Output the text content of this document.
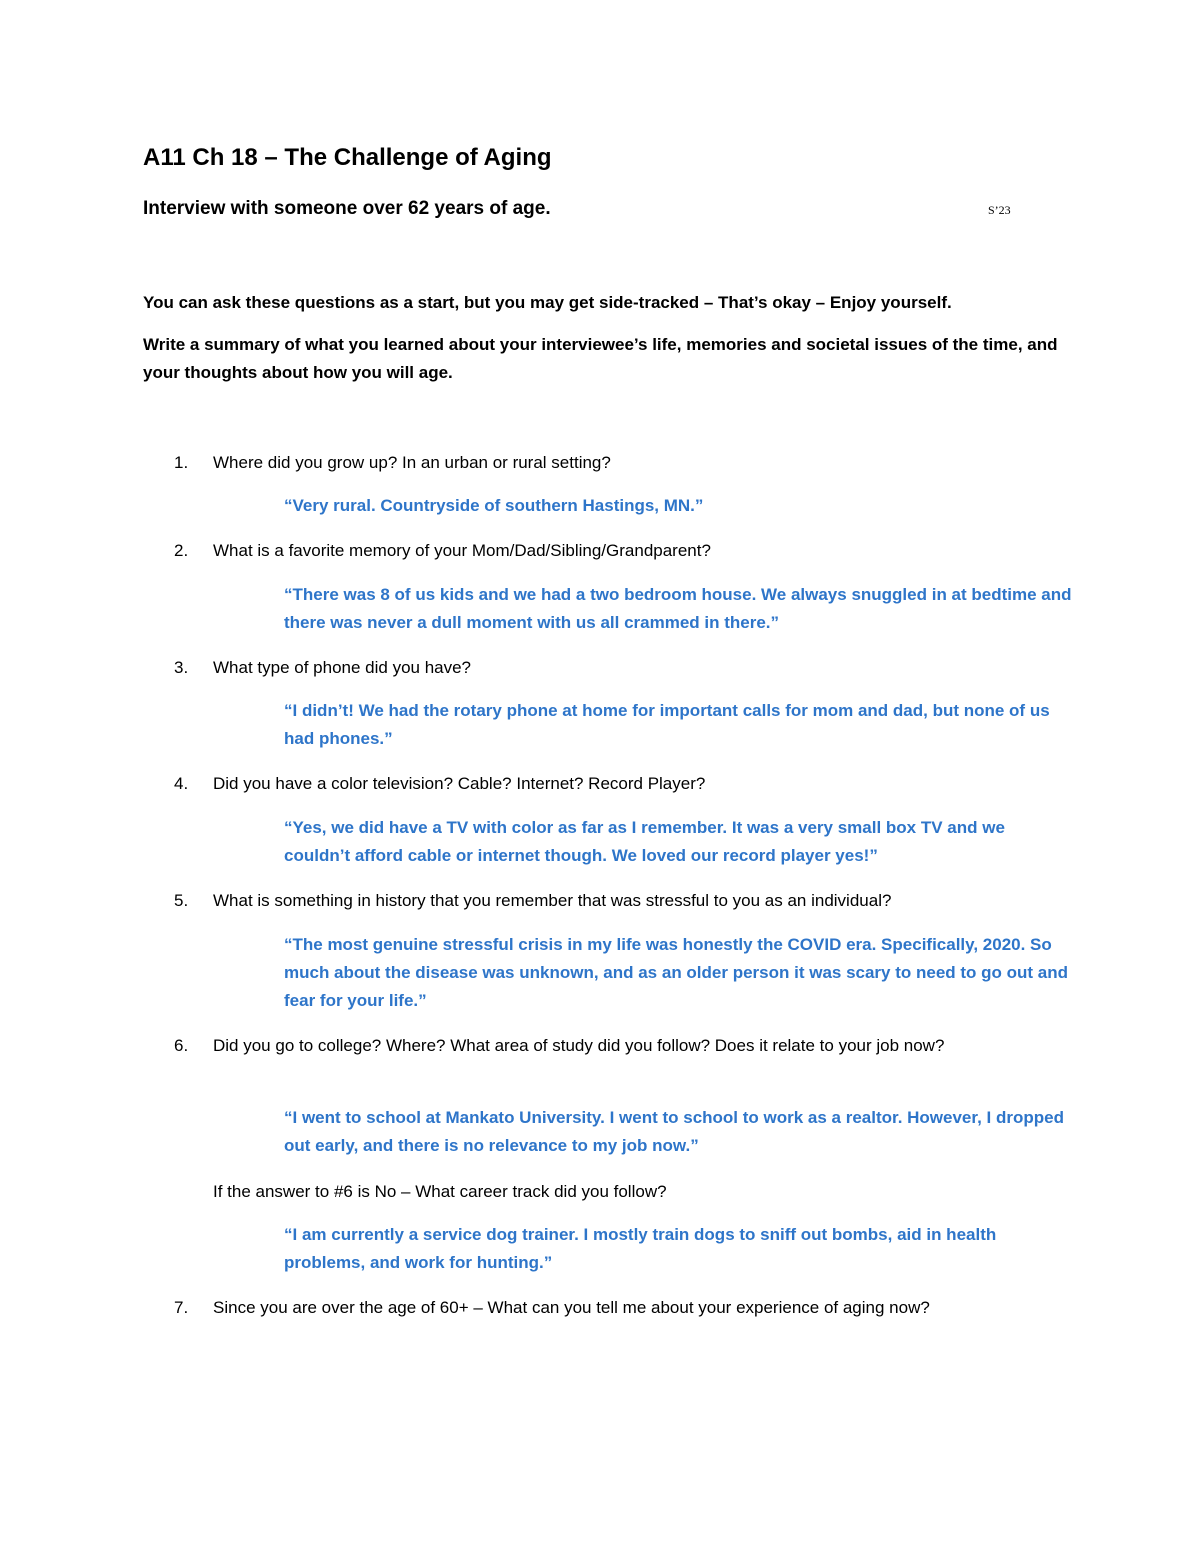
A11 Ch 18 – The Challenge of Aging
Interview with someone over 62 years of age.	S’23

You can ask these questions as a start, but you may get side-tracked – That’s okay – Enjoy yourself.

Write a summary of what you learned about your interviewee’s life, memories and societal issues of the time, and your thoughts about how you will age.

1. Where did you grow up? In an urban or rural setting?

“Very rural. Countryside of southern Hastings, MN.”

2. What is a favorite memory of your Mom/Dad/Sibling/Grandparent?

“There was 8 of us kids and we had a two bedroom house. We always snuggled in at bedtime and there was never a dull moment with us all crammed in there.”

3. What type of phone did you have?

“I didn’t! We had the rotary phone at home for important calls for mom and dad, but none of us had phones.”

4. Did you have a color television? Cable? Internet? Record Player?

“Yes, we did have a TV with color as far as I remember. It was a very small box TV and we couldn’t afford cable or internet though. We loved our record player yes!”

5. What is something in history that you remember that was stressful to you as an individual?

“The most genuine stressful crisis in my life was honestly the COVID era. Specifically, 2020. So much about the disease was unknown, and as an older person it was scary to need to go out and fear for your life.”

6. Did you go to college? Where? What area of study did you follow? Does it relate to your job now?

“I went to school at Mankato University. I went to school to work as a realtor. However, I dropped out early, and there is no relevance to my job now.”

If the answer to #6 is No – What career track did you follow?

“I am currently a service dog trainer. I mostly train dogs to sniff out bombs, aid in health problems, and work for hunting.”

7. Since you are over the age of 60+ – What can you tell me about your experience of aging now?
